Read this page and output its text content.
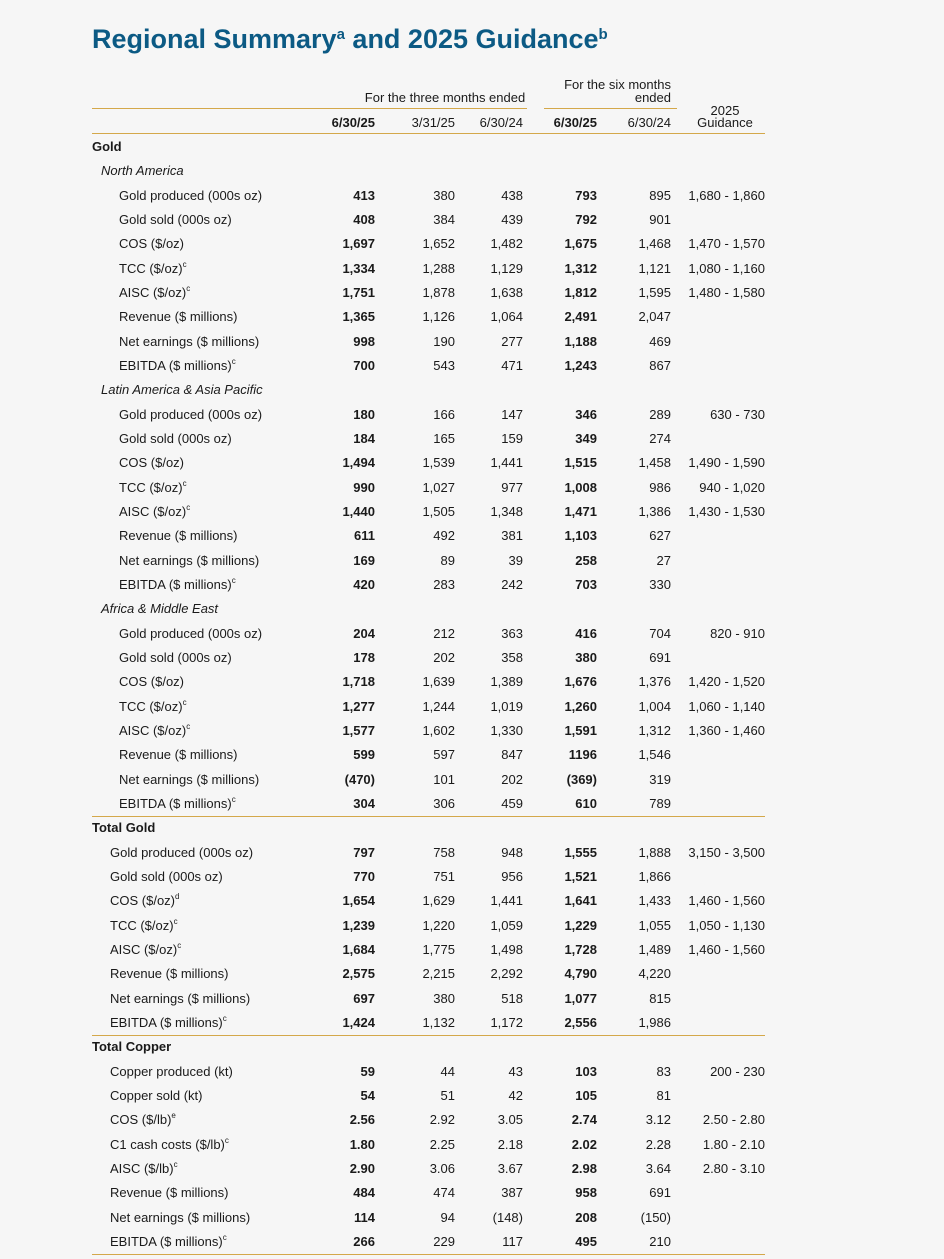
Regional Summary$^a$ and 2025 Guidance$^b$
For the three months ended
For the six months ended
2025
Guidance
6/30/25	3/31/25	6/30/24	6/30/25	6/30/24
Gold
North America
Gold produced (000s oz)	413	380	438	793	895	1,680 - 1,860
Gold sold (000s oz)	408	384	439	792	901
COS ($/oz)	1,697	1,652	1,482	1,675	1,468	1,470 - 1,570
TCC ($/oz)$^c$	1,334	1,288	1,129	1,312	1,121	1,080 - 1,160
AISC ($/oz)$^c$	1,751	1,878	1,638	1,812	1,595	1,480 - 1,580
Revenue ($ millions)	1,365	1,126	1,064	2,491	2,047
Net earnings ($ millions)	998	190	277	1,188	469
EBITDA ($ millions)$^c$	700	543	471	1,243	867
Latin America & Asia Pacific
Gold produced (000s oz)	180	166	147	346	289	630 - 730
Gold sold (000s oz)	184	165	159	349	274
COS ($/oz)	1,494	1,539	1,441	1,515	1,458	1,490 - 1,590
TCC ($/oz)$^c$	990	1,027	977	1,008	986	940 - 1,020
AISC ($/oz)$^c$	1,440	1,505	1,348	1,471	1,386	1,430 - 1,530
Revenue ($ millions)	611	492	381	1,103	627
Net earnings ($ millions)	169	89	39	258	27
EBITDA ($ millions)$^c$	420	283	242	703	330
Africa & Middle East
Gold produced (000s oz)	204	212	363	416	704	820 - 910
Gold sold (000s oz)	178	202	358	380	691
COS ($/oz)	1,718	1,639	1,389	1,676	1,376	1,420 - 1,520
TCC ($/oz)$^c$	1,277	1,244	1,019	1,260	1,004	1,060 - 1,140
AISC ($/oz)$^c$	1,577	1,602	1,330	1,591	1,312	1,360 - 1,460
Revenue ($ millions)	599	597	847	1196	1,546
Net earnings ($ millions)	(470)	101	202	(369)	319
EBITDA ($ millions)$^c$	304	306	459	610	789
Total Gold
Gold produced (000s oz)	797	758	948	1,555	1,888	3,150 - 3,500
Gold sold (000s oz)	770	751	956	1,521	1,866
COS ($/oz)$^d$	1,654	1,629	1,441	1,641	1,433	1,460 - 1,560
TCC ($/oz)$^c$	1,239	1,220	1,059	1,229	1,055	1,050 - 1,130
AISC ($/oz)$^c$	1,684	1,775	1,498	1,728	1,489	1,460 - 1,560
Revenue ($ millions)	2,575	2,215	2,292	4,790	4,220
Net earnings ($ millions)	697	380	518	1,077	815
EBITDA ($ millions)$^c$	1,424	1,132	1,172	2,556	1,986
Total Copper
Copper produced (kt)	59	44	43	103	83	200 - 230
Copper sold (kt)	54	51	42	105	81
COS ($/lb)$^e$	2.56	2.92	3.05	2.74	3.12	2.50 - 2.80
C1 cash costs ($/lb)$^c$	1.80	2.25	2.18	2.02	2.28	1.80 - 2.10
AISC ($/lb)$^c$	2.90	3.06	3.67	2.98	3.64	2.80 - 3.10
Revenue ($ millions)	484	474	387	958	691
Net earnings ($ millions)	114	94	(148)	208	(150)
EBITDA ($ millions)$^c$	266	229	117	495	210
